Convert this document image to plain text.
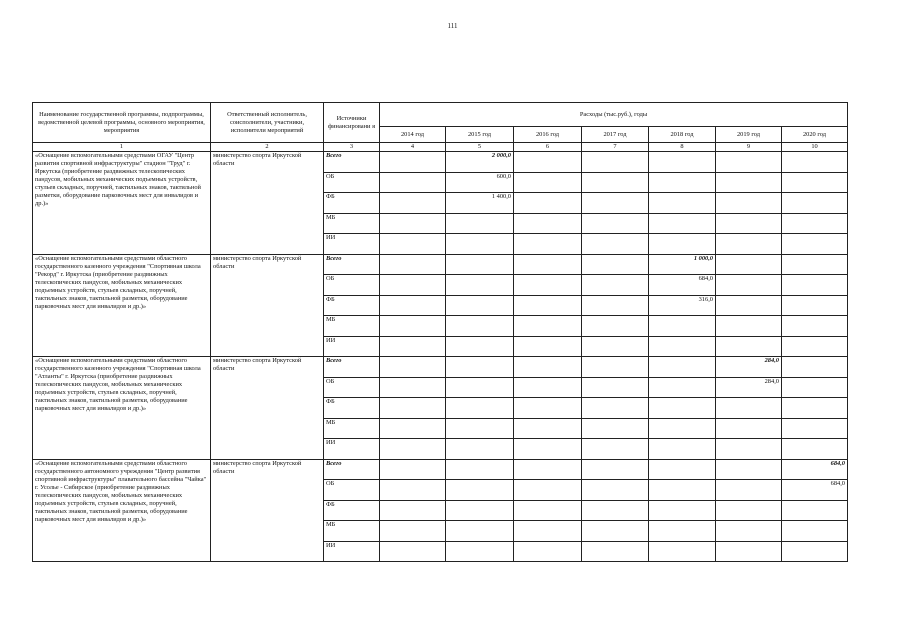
111
Наименование государственной программы, подпрограммы, ведомственной целевой программы, основного мероприятия, мероприятия	Ответственный исполнитель, соисполнители, участники, исполнители мероприятий	Источники финансировани я	Расходы (тыс.руб.), годы						
			2014 год	2015 год	2016 год	2017 год	2018 год	2019 год	2020 год
1	2	3	4	5	6	7	8	9	10
«Оснащение вспомогательными средствами ОГАУ "Центр развития спортивной инфраструктуры" стадион "Труд" г. Иркутска (приобретение раздвижных телескопических пандусов, мобильных механических подъемных устройств, стульев складных, поручней, тактильных знаков, тактильной разметки, оборудование парковочных мест для инвалидов и др.)»	министерство спорта Иркутской области	Всего		2 000,0					
		ОБ		600,0					
		ФБ		1 400,0					
		МБ							
		ИИ							
«Оснащение вспомогательными средствами областного государственного казенного учреждения "Спортивная школа "Рекорд" г. Иркутска (приобретение раздвижных телескопических пандусов, мобильных механических подъемных устройств, стульев складных, поручней, тактильных знаков, тактильной разметки, оборудование парковочных мест для инвалидов и др.)»	министерство спорта Иркутской области	Всего					1 000,0		
		ОБ					684,0		
		ФБ					316,0		
		МБ							
		ИИ							
«Оснащение вспомогательными средствами областного государственного казенного учреждения "Спортивная школа "Атланты" г. Иркутска (приобретение раздвижных телескопических пандусов, мобильных механических подъемных устройств, стульев складных, поручней, тактильных знаков, тактильной разметки, оборудование парковочных мест для инвалидов и др.)»	министерство спорта Иркутской области	Всего						284,0	
		ОБ						284,0	
		ФБ							
		МБ							
		ИИ							
«Оснащение вспомогательными средствами областного государственного автономного учреждения "Центр развития спортивной инфраструктуры" плавательного бассейна "Чайка" г. Усолье - Сибирское (приобретение раздвижных телескопических пандусов, мобильных механических подъемных устройств, стульев складных, поручней, тактильных знаков, тактильной разметки, оборудование парковочных мест для инвалидов и др.)»	министерство спорта Иркутской области	Всего							684,0
		ОБ							684,0
		ФБ							
		МБ							
		ИИ							
